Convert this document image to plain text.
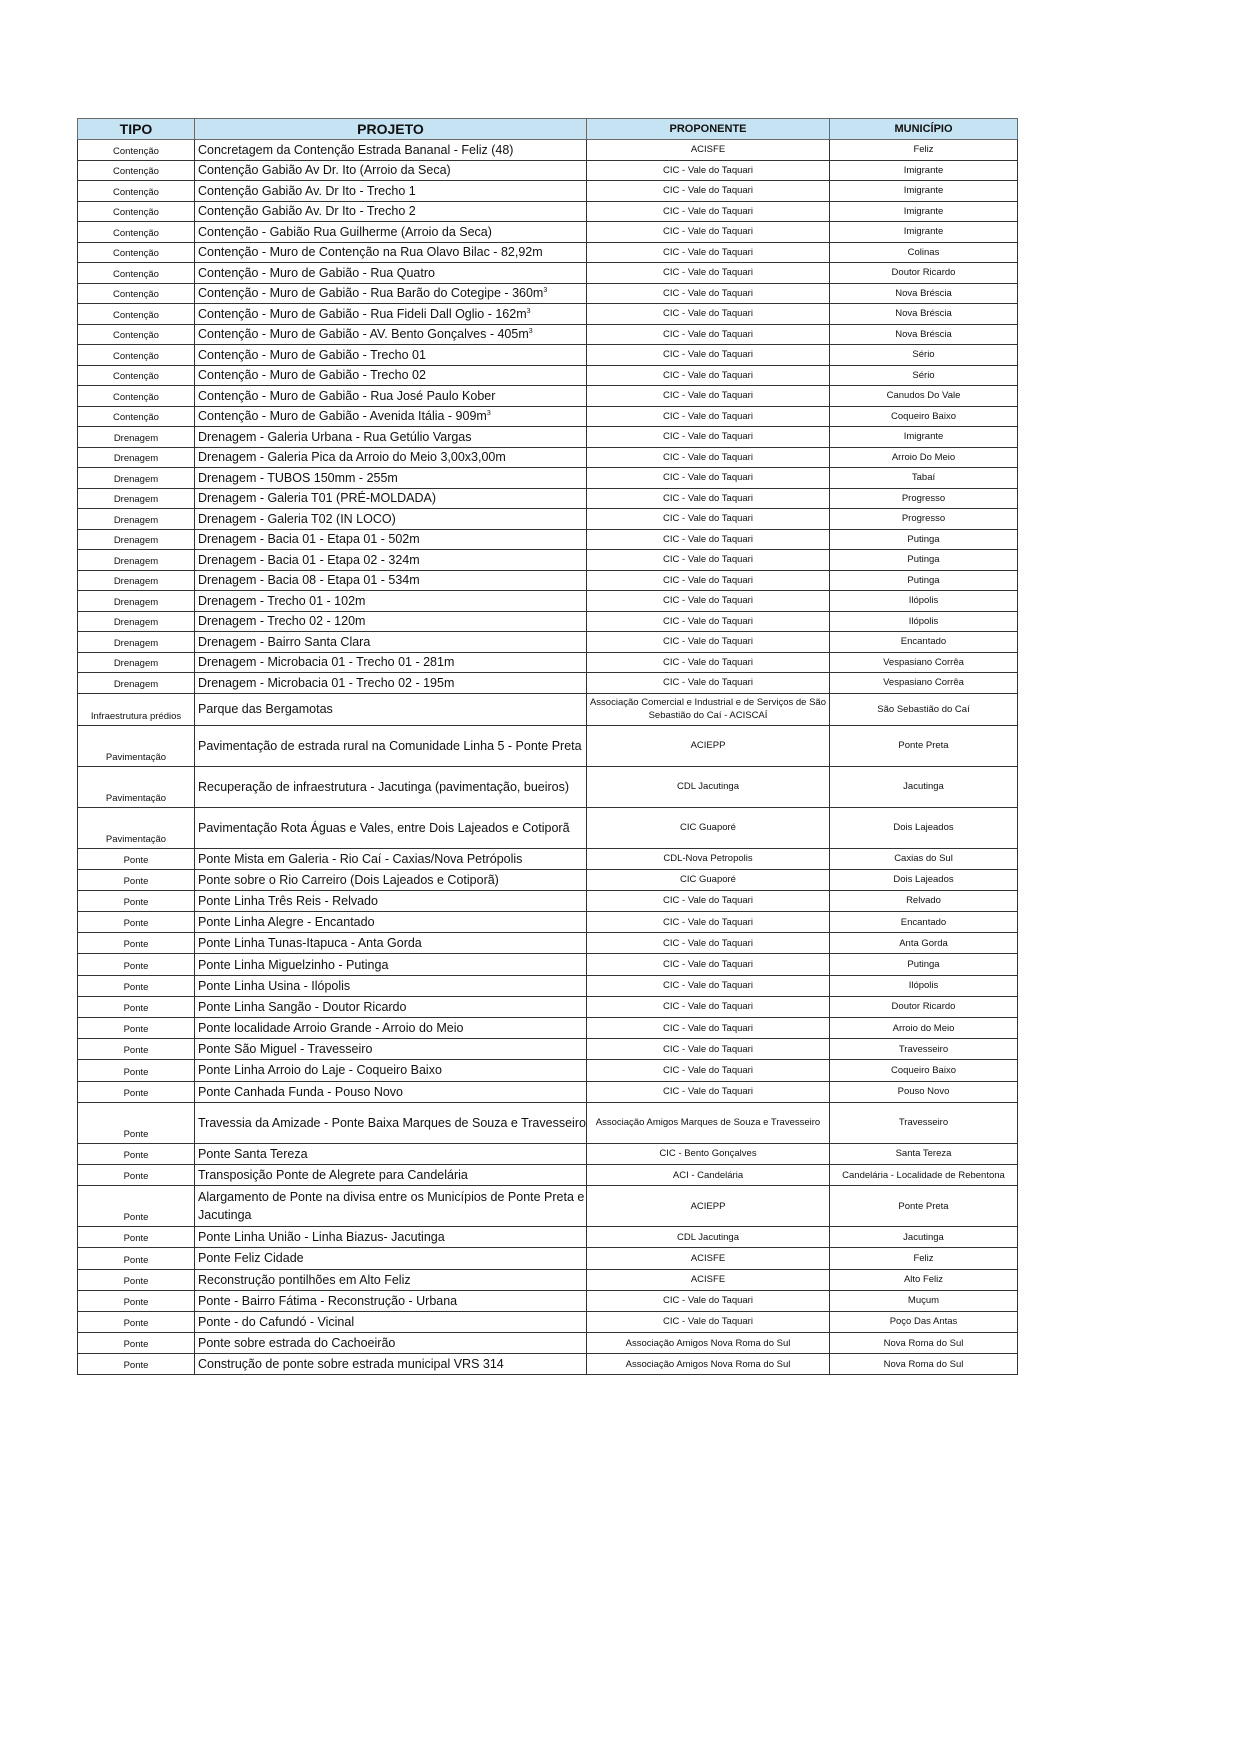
TIPO	PROJETO	PROPONENTE	MUNICÍPIO
Contenção	Concretagem da Contenção Estrada Bananal - Feliz (48)	ACISFE	Feliz
Contenção	Contenção Gabião Av Dr. Ito (Arroio da Seca)	CIC - Vale do Taquari	Imigrante
Contenção	Contenção Gabião Av. Dr Ito - Trecho 1	CIC - Vale do Taquari	Imigrante
Contenção	Contenção Gabião Av. Dr Ito - Trecho 2	CIC - Vale do Taquari	Imigrante
Contenção	Contenção - Gabião Rua Guilherme (Arroio da Seca)	CIC - Vale do Taquari	Imigrante
Contenção	Contenção - Muro de Contenção na Rua Olavo Bilac - 82,92m	CIC - Vale do Taquari	Colinas
Contenção	Contenção - Muro de Gabião - Rua Quatro	CIC - Vale do Taquari	Doutor Ricardo
Contenção	Contenção - Muro de Gabião - Rua Barão do Cotegipe - $360m^3$	CIC - Vale do Taquari	Nova Bréscia
Contenção	Contenção - Muro de Gabião - Rua Fideli Dall Oglio - $162m^3$	CIC - Vale do Taquari	Nova Bréscia
Contenção	Contenção - Muro de Gabião - AV. Bento Gonçalves - $405m^3$	CIC - Vale do Taquari	Nova Bréscia
Contenção	Contenção - Muro de Gabião - Trecho 01	CIC - Vale do Taquari	Sério
Contenção	Contenção - Muro de Gabião - Trecho 02	CIC - Vale do Taquari	Sério
Contenção	Contenção - Muro de Gabião - Rua José Paulo Kober	CIC - Vale do Taquari	Canudos Do Vale
Contenção	Contenção - Muro de Gabião - Avenida Itália - $909m^3$	CIC - Vale do Taquari	Coqueiro Baixo
Drenagem	Drenagem - Galeria Urbana - Rua Getúlio Vargas	CIC - Vale do Taquari	Imigrante
Drenagem	Drenagem - Galeria Pica da Arroio do Meio 3,00x3,00m	CIC - Vale do Taquari	Arroio Do Meio
Drenagem	Drenagem - TUBOS 150mm - 255m	CIC - Vale do Taquari	Tabaí
Drenagem	Drenagem - Galeria T01 (PRÉ-MOLDADA)	CIC - Vale do Taquari	Progresso
Drenagem	Drenagem - Galeria T02 (IN LOCO)	CIC - Vale do Taquari	Progresso
Drenagem	Drenagem - Bacia 01 - Etapa 01 - 502m	CIC - Vale do Taquari	Putinga
Drenagem	Drenagem - Bacia 01 - Etapa 02 - 324m	CIC - Vale do Taquari	Putinga
Drenagem	Drenagem - Bacia 08 - Etapa 01 - 534m	CIC - Vale do Taquari	Putinga
Drenagem	Drenagem - Trecho 01 - 102m	CIC - Vale do Taquari	Ilópolis
Drenagem	Drenagem - Trecho 02 - 120m	CIC - Vale do Taquari	Ilópolis
Drenagem	Drenagem - Bairro Santa Clara	CIC - Vale do Taquari	Encantado
Drenagem	Drenagem - Microbacia 01 - Trecho 01 - 281m	CIC - Vale do Taquari	Vespasiano Corrêa
Drenagem	Drenagem - Microbacia 01 - Trecho 02 - 195m	CIC - Vale do Taquari	Vespasiano Corrêa
Infraestrutura prédios	Parque das Bergamotas	Associação Comercial e Industrial e de Serviços de São Sebastião do Caí - ACISCAÍ	São Sebastião do Caí
Pavimentação	Pavimentação de estrada rural na Comunidade Linha 5 - Ponte Preta	ACIEPP	Ponte Preta
Pavimentação	Recuperação de infraestrutura - Jacutinga (pavimentação, bueiros)	CDL Jacutinga	Jacutinga
Pavimentação	Pavimentação Rota Águas e Vales, entre Dois Lajeados e Cotiporã	CIC Guaporé	Dois Lajeados
Ponte	Ponte Mista em Galeria - Rio Caí - Caxias/Nova Petrópolis	CDL-Nova Petropolis	Caxias do Sul
Ponte	Ponte sobre o Rio Carreiro (Dois Lajeados e Cotiporã)	CIC Guaporé	Dois Lajeados
Ponte	Ponte Linha Três Reis - Relvado	CIC - Vale do Taquari	Relvado
Ponte	Ponte Linha Alegre - Encantado	CIC - Vale do Taquari	Encantado
Ponte	Ponte Linha Tunas-Itapuca - Anta Gorda	CIC - Vale do Taquari	Anta Gorda
Ponte	Ponte Linha Miguelzinho - Putinga	CIC - Vale do Taquari	Putinga
Ponte	Ponte Linha Usina - Ilópolis	CIC - Vale do Taquari	Ilópolis
Ponte	Ponte Linha Sangão - Doutor Ricardo	CIC - Vale do Taquari	Doutor Ricardo
Ponte	Ponte localidade Arroio Grande - Arroio do Meio	CIC - Vale do Taquari	Arroio do Meio
Ponte	Ponte São Miguel - Travesseiro	CIC - Vale do Taquari	Travesseiro
Ponte	Ponte Linha Arroio do Laje - Coqueiro Baixo	CIC - Vale do Taquari	Coqueiro Baixo
Ponte	Ponte Canhada Funda - Pouso Novo	CIC - Vale do Taquari	Pouso Novo
Ponte	Travessia da Amizade - Ponte Baixa Marques de Souza e Travesseiro	Associação Amigos Marques de Souza e Travesseiro	Travesseiro
Ponte	Ponte Santa Tereza	CIC - Bento Gonçalves	Santa Tereza
Ponte	Transposição Ponte de Alegrete para Candelária	ACI - Candelária	Candelária - Localidade de Rebentona
Ponte	Alargamento de Ponte na divisa entre os Municípios de Ponte Preta e Jacutinga	ACIEPP	Ponte Preta
Ponte	Ponte Linha União - Linha Biazus- Jacutinga	CDL Jacutinga	Jacutinga
Ponte	Ponte Feliz Cidade	ACISFE	Feliz
Ponte	Reconstrução pontilhões em Alto Feliz	ACISFE	Alto Feliz
Ponte	Ponte - Bairro Fátima - Reconstrução - Urbana	CIC - Vale do Taquari	Muçum
Ponte	Ponte - do Cafundó - Vicinal	CIC - Vale do Taquari	Poço Das Antas
Ponte	Ponte sobre estrada do Cachoeirão	Associação Amigos Nova Roma do Sul	Nova Roma do Sul
Ponte	Construção de ponte sobre estrada municipal VRS 314	Associação Amigos Nova Roma do Sul	Nova Roma do Sul
